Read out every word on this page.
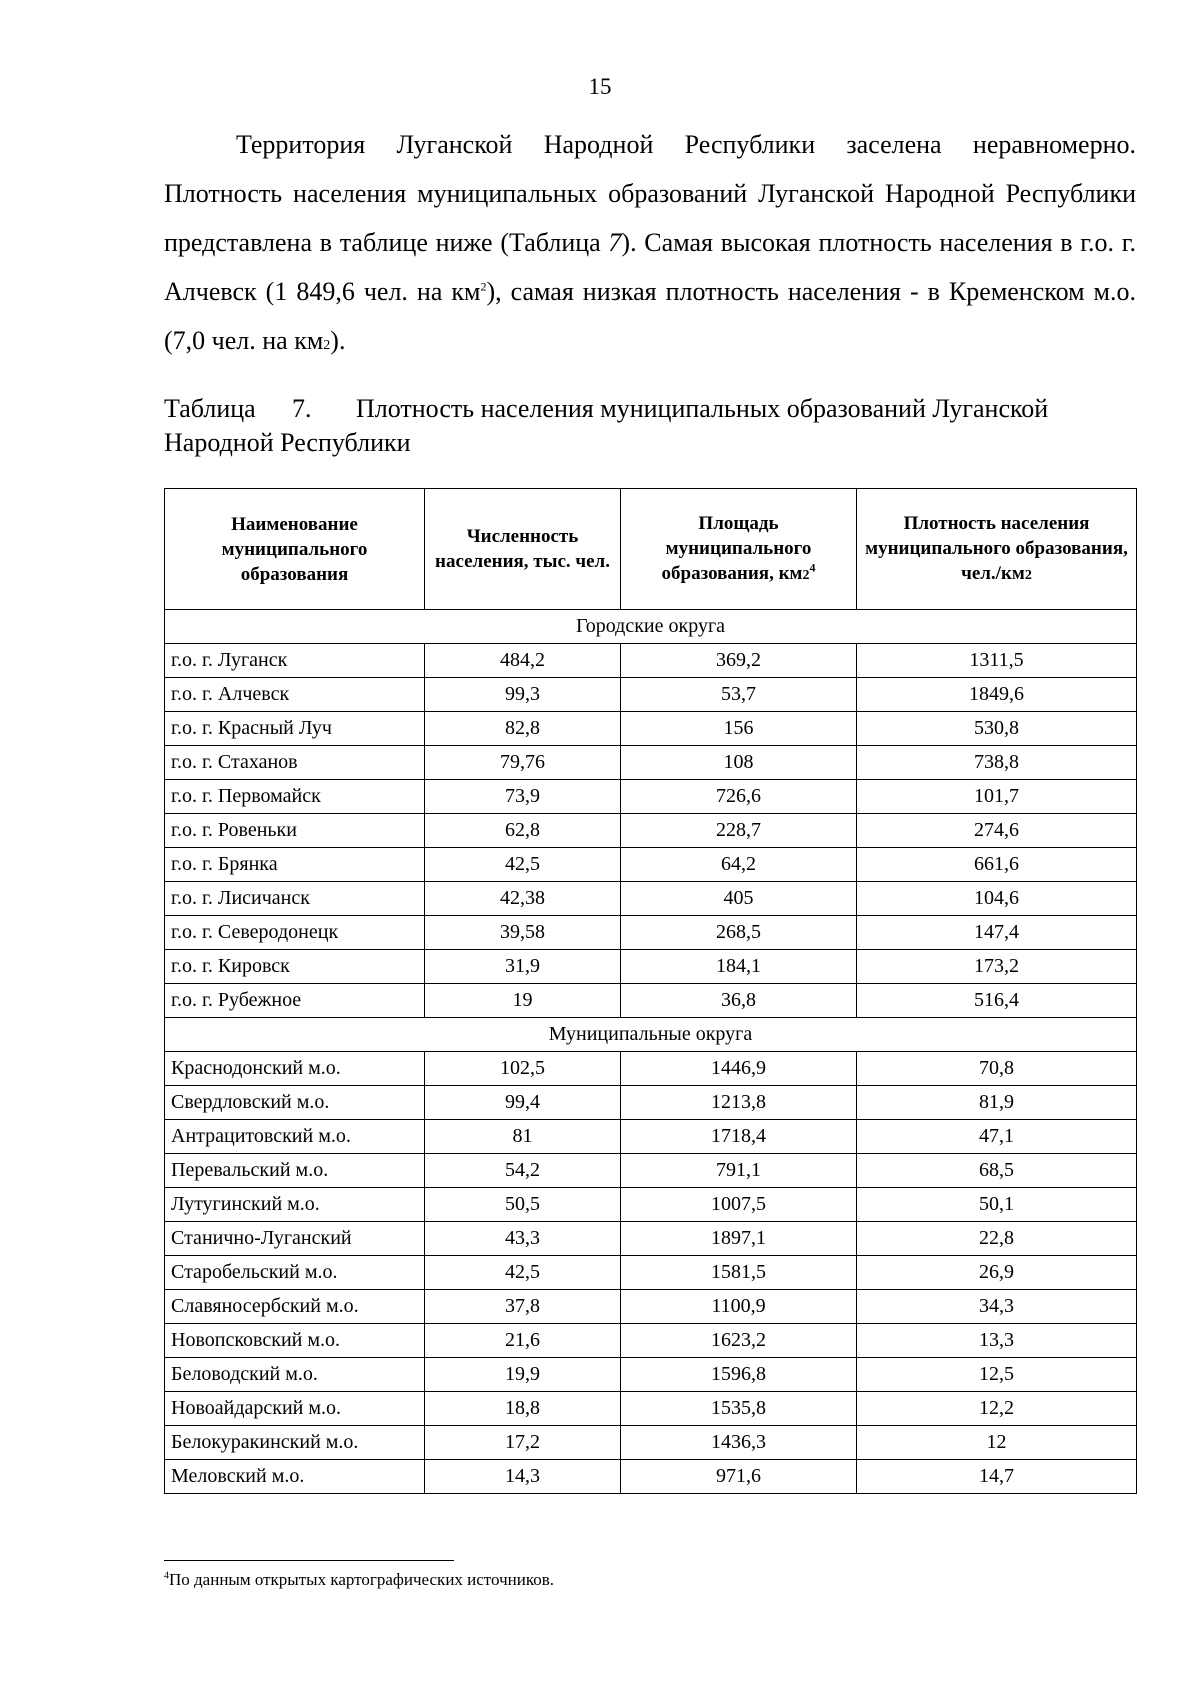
15

Территория Луганской Народной Республики заселена неравномерно. Плотность населения муниципальных образований Луганской Народной Республики представлена в таблице ниже (Таблица 7). Самая высокая плотность населения в г.о. г. Алчевск (1 849,6 чел. на $км^2$), самая низкая плотность населения - в Кременском м.о. (7,0 чел. на км2).

Таблица 7. Плотность населения муниципальных образований Луганской Народной Республики

Наименование муниципального образования	Численность населения, тыс. чел.	Площадь муниципального образования, $км2^4$	Плотность населения муниципального образования, чел./км2
Городские округа			
г.о. г. Луганск	484,2	369,2	1311,5
г.о. г. Алчевск	99,3	53,7	1849,6
г.о. г. Красный Луч	82,8	156	530,8
г.о. г. Стаханов	79,76	108	738,8
г.о. г. Первомайск	73,9	726,6	101,7
г.о. г. Ровеньки	62,8	228,7	274,6
г.о. г. Брянка	42,5	64,2	661,6
г.о. г. Лисичанск	42,38	405	104,6
г.о. г. Северодонецк	39,58	268,5	147,4
г.о. г. Кировск	31,9	184,1	173,2
г.о. г. Рубежное	19	36,8	516,4
Муниципальные округа			
Краснодонский м.о.	102,5	1446,9	70,8
Свердловский м.о.	99,4	1213,8	81,9
Антрацитовский м.о.	81	1718,4	47,1
Перевальский м.о.	54,2	791,1	68,5
Лутугинский м.о.	50,5	1007,5	50,1
Станично-Луганский	43,3	1897,1	22,8
Старобельский м.о.	42,5	1581,5	26,9
Славяносербский м.о.	37,8	1100,9	34,3
Новопсковский м.о.	21,6	1623,2	13,3
Беловодский м.о.	19,9	1596,8	12,5
Новоайдарский м.о.	18,8	1535,8	12,2
Белокуракинский м.о.	17,2	1436,3	12
Меловский м.о.	14,3	971,6	14,7
$^4$По данным открытых картографических источников.
